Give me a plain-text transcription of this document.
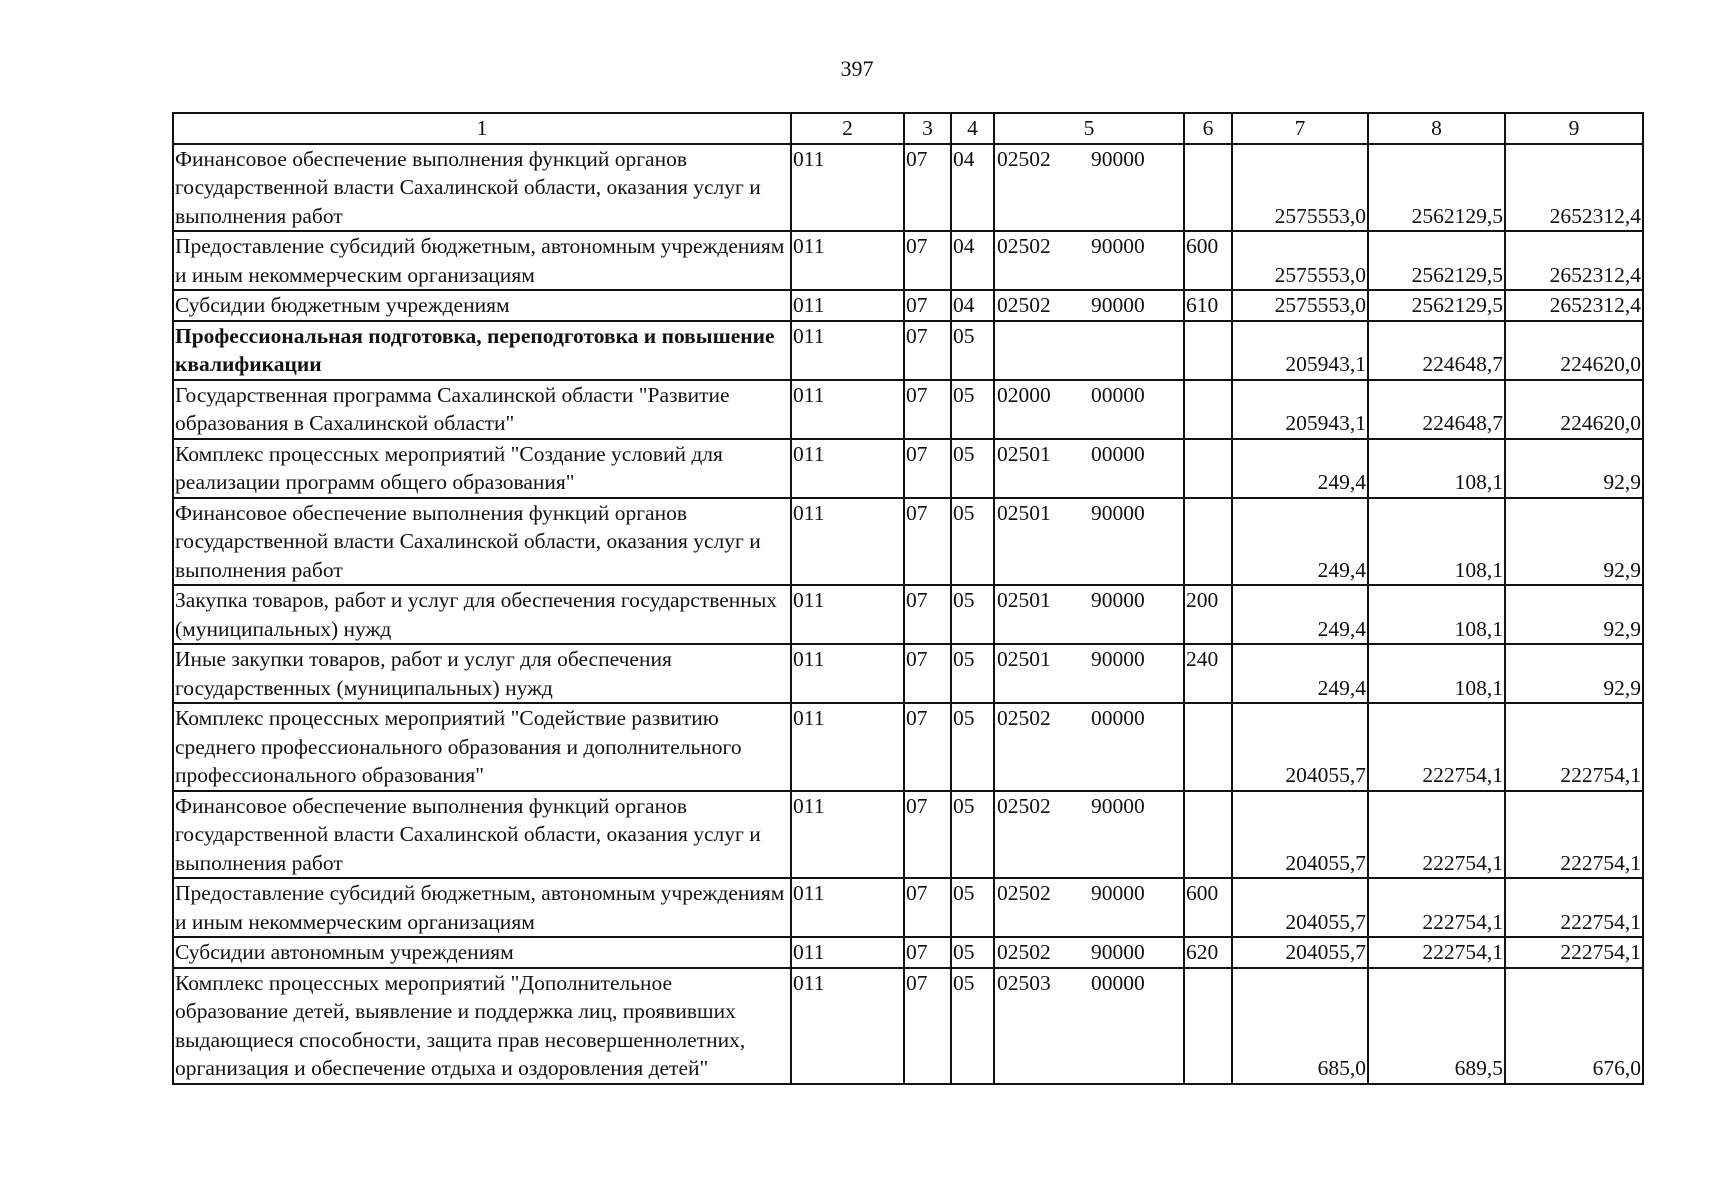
397
1	2	3	4	5	6	7	8	9
Финансовое обеспечение выполнения функций органов государственной власти Сахалинской области, оказания услуг и выполнения работ	011	07	04	02502 90000		2575553,0	2562129,5	2652312,4
Предоставление субсидий бюджетным, автономным учреждениям и иным некоммерческим организациям	011	07	04	02502 90000	600	2575553,0	2562129,5	2652312,4
Субсидии бюджетным учреждениям	011	07	04	02502 90000	610	2575553,0	2562129,5	2652312,4
Профессиональная подготовка, переподготовка и повышение квалификации	011	07	05			205943,1	224648,7	224620,0
Государственная программа Сахалинской области "Развитие образования в Сахалинской области"	011	07	05	02000 00000		205943,1	224648,7	224620,0
Комплекс процессных мероприятий "Создание условий для реализации программ общего образования"	011	07	05	02501 00000		249,4	108,1	92,9
Финансовое обеспечение выполнения функций органов государственной власти Сахалинской области, оказания услуг и выполнения работ	011	07	05	02501 90000		249,4	108,1	92,9
Закупка товаров, работ и услуг для обеспечения государственных (муниципальных) нужд	011	07	05	02501 90000	200	249,4	108,1	92,9
Иные закупки товаров, работ и услуг для обеспечения государственных (муниципальных) нужд	011	07	05	02501 90000	240	249,4	108,1	92,9
Комплекс процессных мероприятий "Содействие развитию среднего профессионального образования и дополнительного профессионального образования"	011	07	05	02502 00000		204055,7	222754,1	222754,1
Финансовое обеспечение выполнения функций органов государственной власти Сахалинской области, оказания услуг и выполнения работ	011	07	05	02502 90000		204055,7	222754,1	222754,1
Предоставление субсидий бюджетным, автономным учреждениям и иным некоммерческим организациям	011	07	05	02502 90000	600	204055,7	222754,1	222754,1
Субсидии автономным учреждениям	011	07	05	02502 90000	620	204055,7	222754,1	222754,1
Комплекс процессных мероприятий "Дополнительное образование детей, выявление и поддержка лиц, проявивших выдающиеся способности, защита прав несовершеннолетних, организация и обеспечение отдыха и оздоровления детей"	011	07	05	02503 00000		685,0	689,5	676,0
